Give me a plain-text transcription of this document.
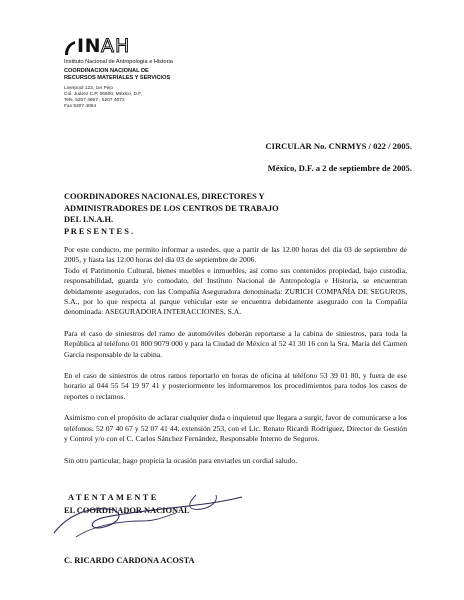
INAH
Instituto Nacional de Antropología e Historia
COORDINACION NACIONAL DE
RECURSOS MATERIALES Y SERVICIOS
Liverpool 123, 1er Piso
Col. Juárez C.P. 06600, México, D.F.
Tels. 5207 4667 , 5207 4072
Fax 5207 4064
CIRCULAR No. CNRMYS / 022 / 2005.
México, D.F. a 2 de septiembre de 2005.
COORDINADORES NACIONALES, DIRECTORES Y
ADMINISTRADORES DE LOS CENTROS DE TRABAJO
DEL I.N.A.H.
P R E S E N T E S .

Por este conducto, me permito informar a ustedes, que a partir de las 12.00 horas del día 03 de septiembre de 2005, y hasta las 12:00 horas del día 03 de septiembre de 2006.

Todo el Patrimonio Cultural, bienes muebles e inmuebles, así como sus contenidos propiedad, bajo custodia, responsabilidad, guarda y/o comodato, del Instituto Nacional de Antropología e Historia, se encuentran debidamente asegurados, con las Compañía Aseguradora denominada: ZURICH COMPAÑÍA DE SEGUROS, S.A., por lo que respecta al parque vehicular este se encuentra debidamente asegurado con la Compañía denominada: ASEGURADORA INTERACCIONES, S.A.

Para el caso de siniestros del ramo de automóviles deberán reportarse a la cabina de siniestros, para toda la República al teléfono 01 800 9079 000 y para la Ciudad de México al 52 41 30 16 con la Sra. María del Carmen García responsable de la cabina.

En el caso de siniestros de otros ramos reportarlo en horas de oficina al teléfono 53 39 01 80, y fuera de ese horario al 044 55 54 19 97 41 y posteriormente les informaremos los procedimientos para todos los casos de reportes o reclamos.

Asimismo con el propósito de aclarar cualquier duda o inquietud que llegara a surgir, favor de comunicarse a los teléfonos: 52 07 40 67 y 52 07 41 44, extensión 253, con el Lic. Renato Ricardi Rodríguez, Director de Gestión y Control y/o con el C. Carlos Sánchez Fernández, Responsable Interno de Seguros.

Sin otro particular, hago propicia la ocasión para enviarles un cordial saludo.

ATENTAMENTE
EL COORDINADOR NACIONAL
C. RICARDO CARDONA ACOSTA
